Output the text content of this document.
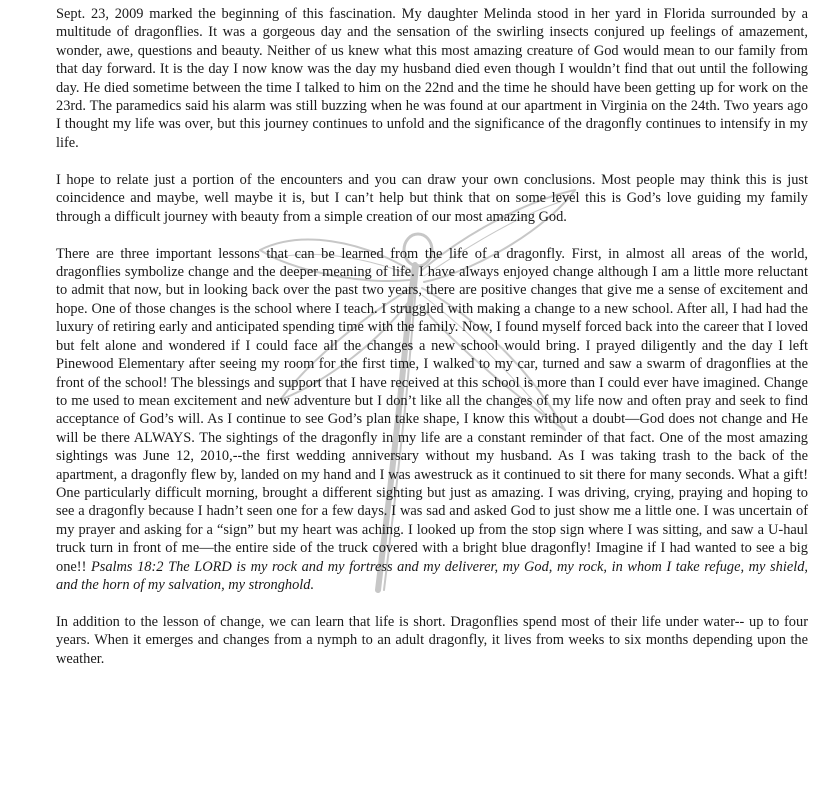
Sept. 23, 2009 marked the beginning of this fascination. My daughter Melinda stood in her yard in Florida surrounded by a multitude of dragonflies. It was a gorgeous day and the sensation of the swirling insects conjured up feelings of amazement, wonder, awe, questions and beauty. Neither of us knew what this most amazing creature of God would mean to our family from that day forward. It is the day I now know was the day my husband died even though I wouldn’t find that out until the following day. He died sometime between the time I talked to him on the 22nd and the time he should have been getting up for work on the 23rd. The paramedics said his alarm was still buzzing when he was found at our apartment in Virginia on the 24th. Two years ago I thought my life was over, but this journey continues to unfold and the significance of the dragonfly continues to intensify in my life.

I hope to relate just a portion of the encounters and you can draw your own conclusions. Most people may think this is just coincidence and maybe, well maybe it is, but I can’t help but think that on some level this is God’s love guiding my family through a difficult journey with beauty from a simple creation of our most amazing God.

There are three important lessons that can be learned from the life of a dragonfly. First, in almost all areas of the world, dragonflies symbolize change and the deeper meaning of life. I have always enjoyed change although I am a little more reluctant to admit that now, but in looking back over the past two years, there are positive changes that give me a sense of excitement and hope. One of those changes is the school where I teach. I struggled with making a change to a new school. After all, I had had the luxury of retiring early and anticipated spending time with the family. Now, I found myself forced back into the career that I loved but felt alone and wondered if I could face all the changes a new school would bring. I prayed diligently and the day I left Pinewood Elementary after seeing my room for the first time, I walked to my car, turned and saw a swarm of dragonflies at the front of the school! The blessings and support that I have received at this school is more than I could ever have imagined. Change to me used to mean excitement and new adventure but I don’t like all the changes of my life now and often pray and seek to find acceptance of God’s will. As I continue to see God’s plan take shape, I know this without a doubt—God does not change and He will be there ALWAYS. The sightings of the dragonfly in my life are a constant reminder of that fact. One of the most amazing sightings was June 12, 2010,--the first wedding anniversary without my husband. As I was taking trash to the back of the apartment, a dragonfly flew by, landed on my hand and I was awestruck as it continued to sit there for many seconds. What a gift! One particularly difficult morning, brought a different sighting but just as amazing. I was driving, crying, praying and hoping to see a dragonfly because I hadn’t seen one for a few days. I was sad and asked God to just show me a little one. I was uncertain of my prayer and asking for a “sign” but my heart was aching. I looked up from the stop sign where I was sitting, and saw a U-haul truck turn in front of me—the entire side of the truck covered with a bright blue dragonfly! Imagine if I had wanted to see a big one!! Psalms 18:2 The LORD is my rock and my fortress and my deliverer, my God, my rock, in whom I take refuge, my shield, and the horn of my salvation, my stronghold.

In addition to the lesson of change, we can learn that life is short. Dragonflies spend most of their life under water-- up to four years. When it emerges and changes from a nymph to an adult dragonfly, it lives from weeks to six months depending upon the weather.
